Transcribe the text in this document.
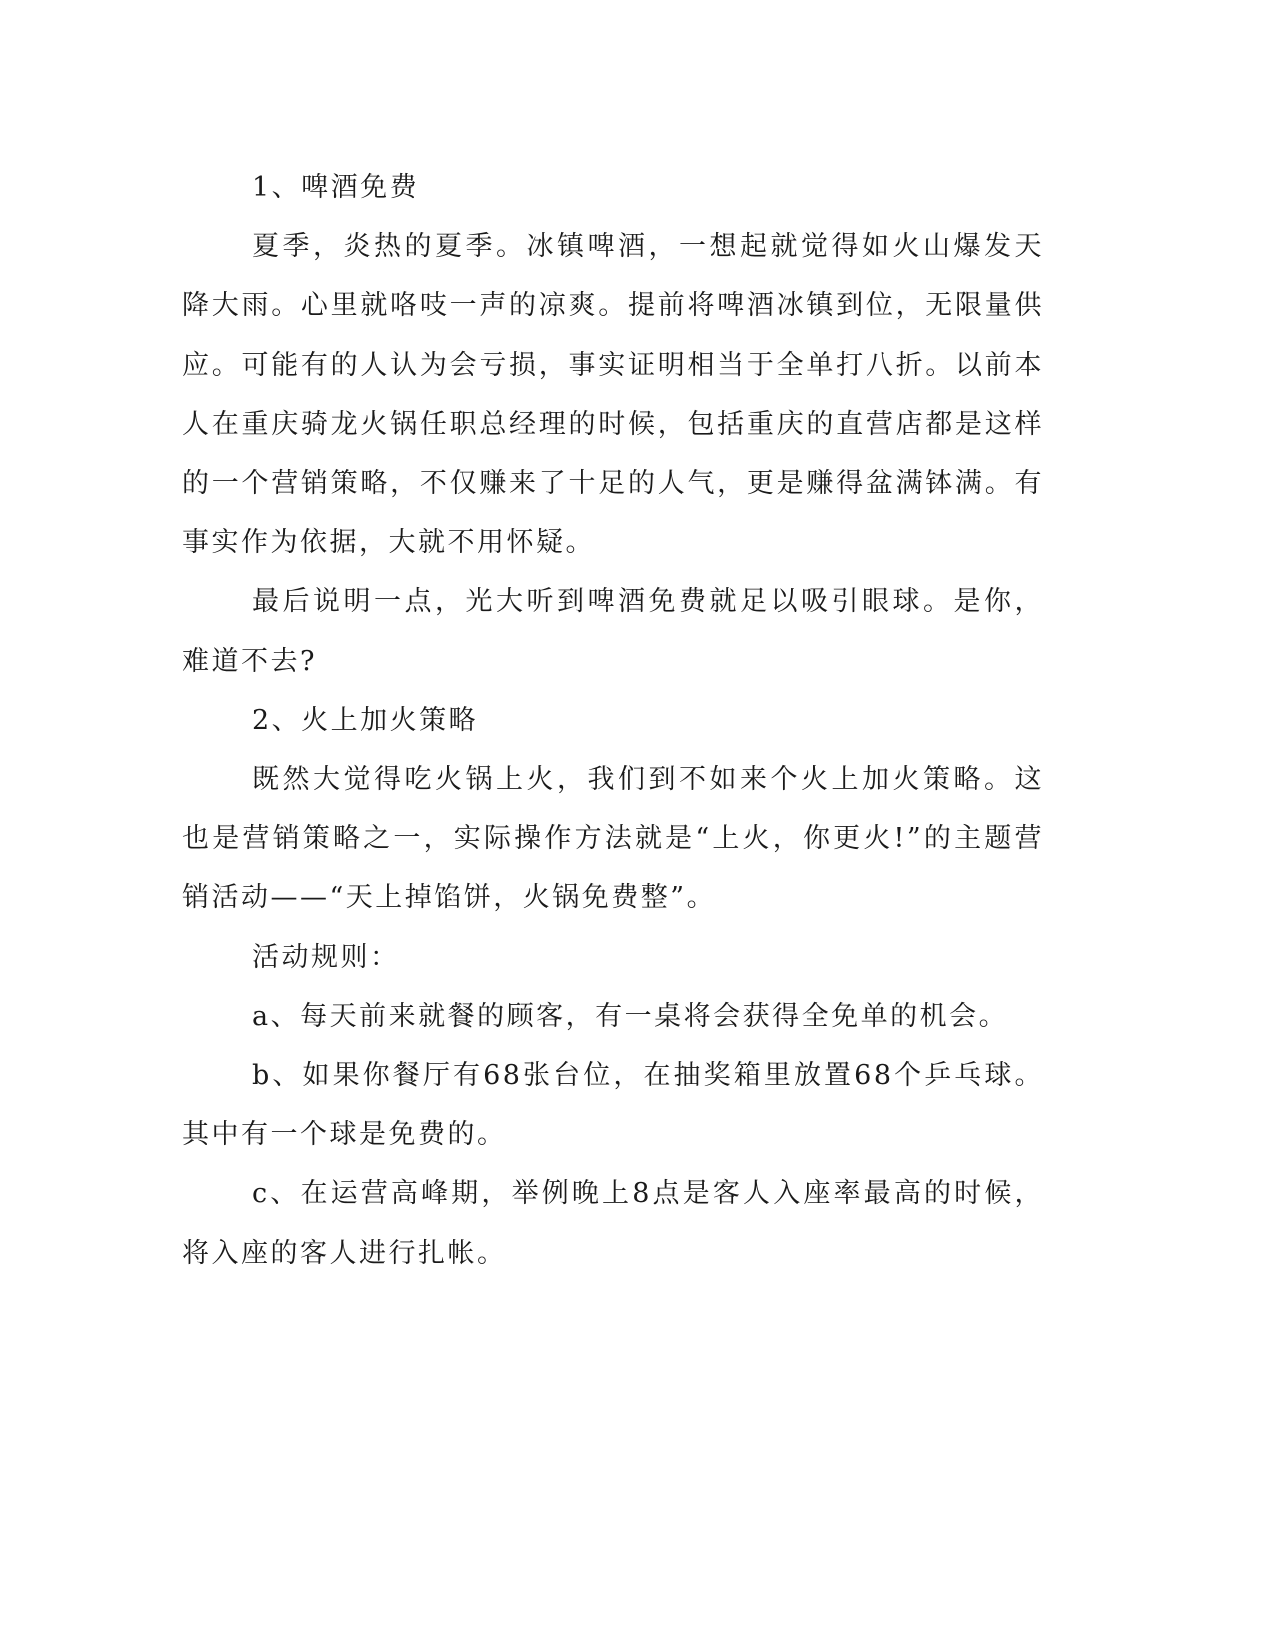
1、啤酒免费

夏季，炎热的夏季。冰镇啤酒，一想起就觉得如火山爆发天降大雨。心里就咯吱一声的凉爽。提前将啤酒冰镇到位，无限量供应。可能有的人认为会亏损，事实证明相当于全单打八折。以前本人在重庆骑龙火锅任职总经理的时候，包括重庆的直营店都是这样的一个营销策略，不仅赚来了十足的人气，更是赚得盆满钵满。有事实作为依据，大就不用怀疑。

最后说明一点，光大听到啤酒免费就足以吸引眼球。是你，难道不去?

2、火上加火策略

既然大觉得吃火锅上火，我们到不如来个火上加火策略。这也是营销策略之一，实际操作方法就是“上火，你更火!”的主题营销活动——“天上掉馅饼，火锅免费整”。

活动规则：

a、每天前来就餐的顾客，有一桌将会获得全免单的机会。

b、如果你餐厅有68张台位，在抽奖箱里放置68个乒乓球。其中有一个球是免费的。

c、在运营高峰期，举例晚上8点是客人入座率最高的时候，将入座的客人进行扎帐。
